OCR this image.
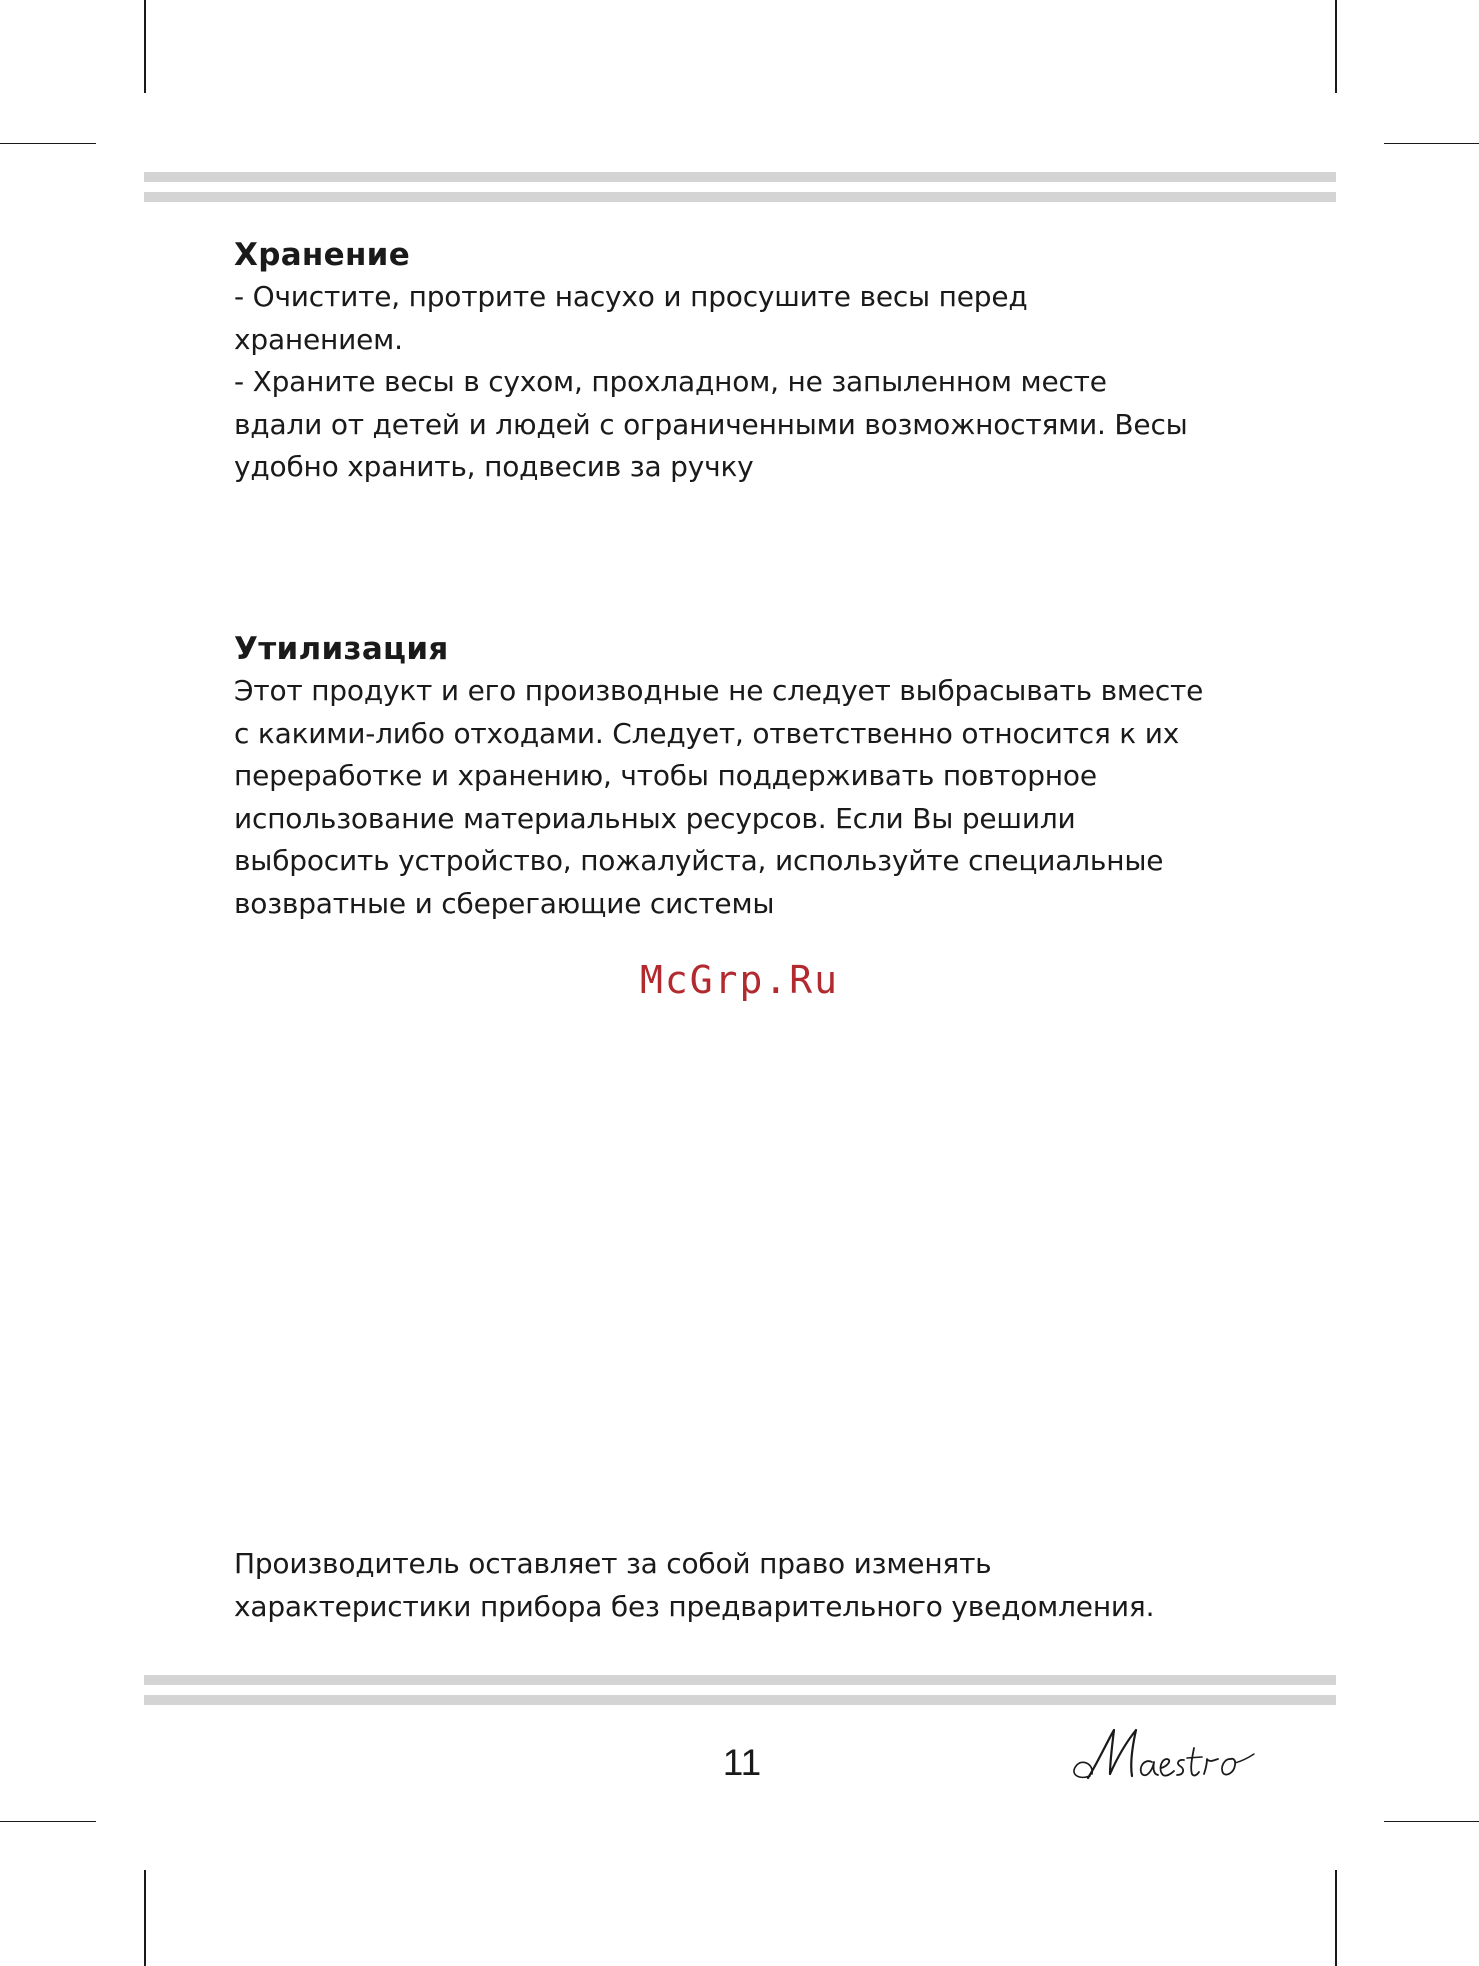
Хранение

- Очистите, протрите насухо и просушите весы перед

хранением.

- Храните весы в сухом, прохладном, не запыленном месте

вдали от детей и людей с ограниченными возможностями. Весы

удобно хранить, подвесив за ручку

Утилизация

Этот продукт и его производные не следует выбрасывать вместе

с какими-либо отходами. Следует, ответственно относится к их

переработке и хранению, чтобы поддерживать повторное

использование материальных ресурсов. Если Вы решили

выбросить устройство, пожалуйста, используйте специальные

возвратные и сберегающие системы

McGrp.Ru
Производитель оставляет за собой право изменять
характеристики прибора без предварительного уведомления.
11
